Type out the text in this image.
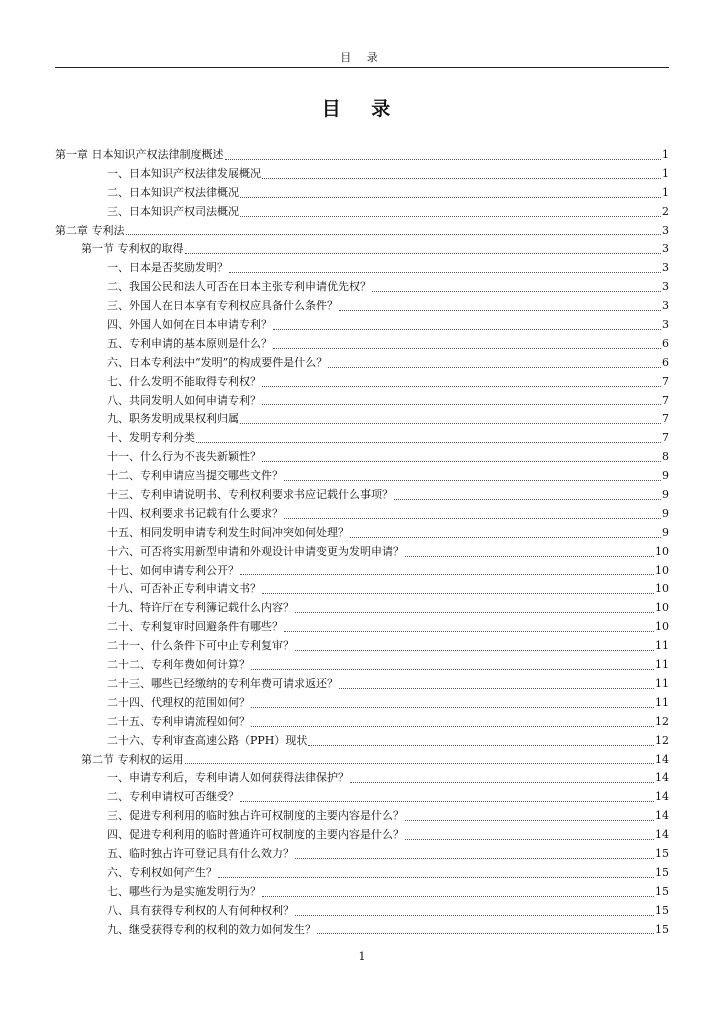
目 录
目 录
第一章 日本知识产权法律制度概述	1
一、日本知识产权法律发展概况	1
二、日本知识产权法律概况	1
三、日本知识产权司法概况	2
第二章 专利法	3
第一节 专利权的取得	3
一、日本是否奖励发明？	3
二、我国公民和法人可否在日本主张专利申请优先权？	3
三、外国人在日本享有专利权应具备什么条件？	3
四、外国人如何在日本申请专利？	3
五、专利申请的基本原则是什么？	6
六、日本专利法中“发明”的构成要件是什么？	6
七、什么发明不能取得专利权？	7
八、共同发明人如何申请专利？	7
九、职务发明成果权利归属	7
十、发明专利分类	7
十一、什么行为不丧失新颖性？	8
十二、专利申请应当提交哪些文件？	9
十三、专利申请说明书、专利权利要求书应记载什么事项？	9
十四、权利要求书记载有什么要求？	9
十五、相同发明申请专利发生时间冲突如何处理？	9
十六、可否将实用新型申请和外观设计申请变更为发明申请？	10
十七、如何申请专利公开？	10
十八、可否补正专利申请文书？	10
十九、特许厅在专利簿记载什么内容？	10
二十、专利复审时回避条件有哪些？	10
二十一、什么条件下可中止专利复审？	11
二十二、专利年费如何计算？	11
二十三、哪些已经缴纳的专利年费可请求返还？	11
二十四、代理权的范围如何？	11
二十五、专利申请流程如何？	12
二十六、专利审查高速公路（PPH）现状	12
第二节 专利权的运用	14
一、申请专利后，专利申请人如何获得法律保护？	14
二、专利申请权可否继受？	14
三、促进专利利用的临时独占许可权制度的主要内容是什么？	14
四、促进专利利用的临时普通许可权制度的主要内容是什么？	14
五、临时独占许可登记具有什么效力？	15
六、专利权如何产生？	15
七、哪些行为是实施发明行为？	15
八、具有获得专利权的人有何种权利？	15
九、继受获得专利的权利的效力如何发生？	15
1
